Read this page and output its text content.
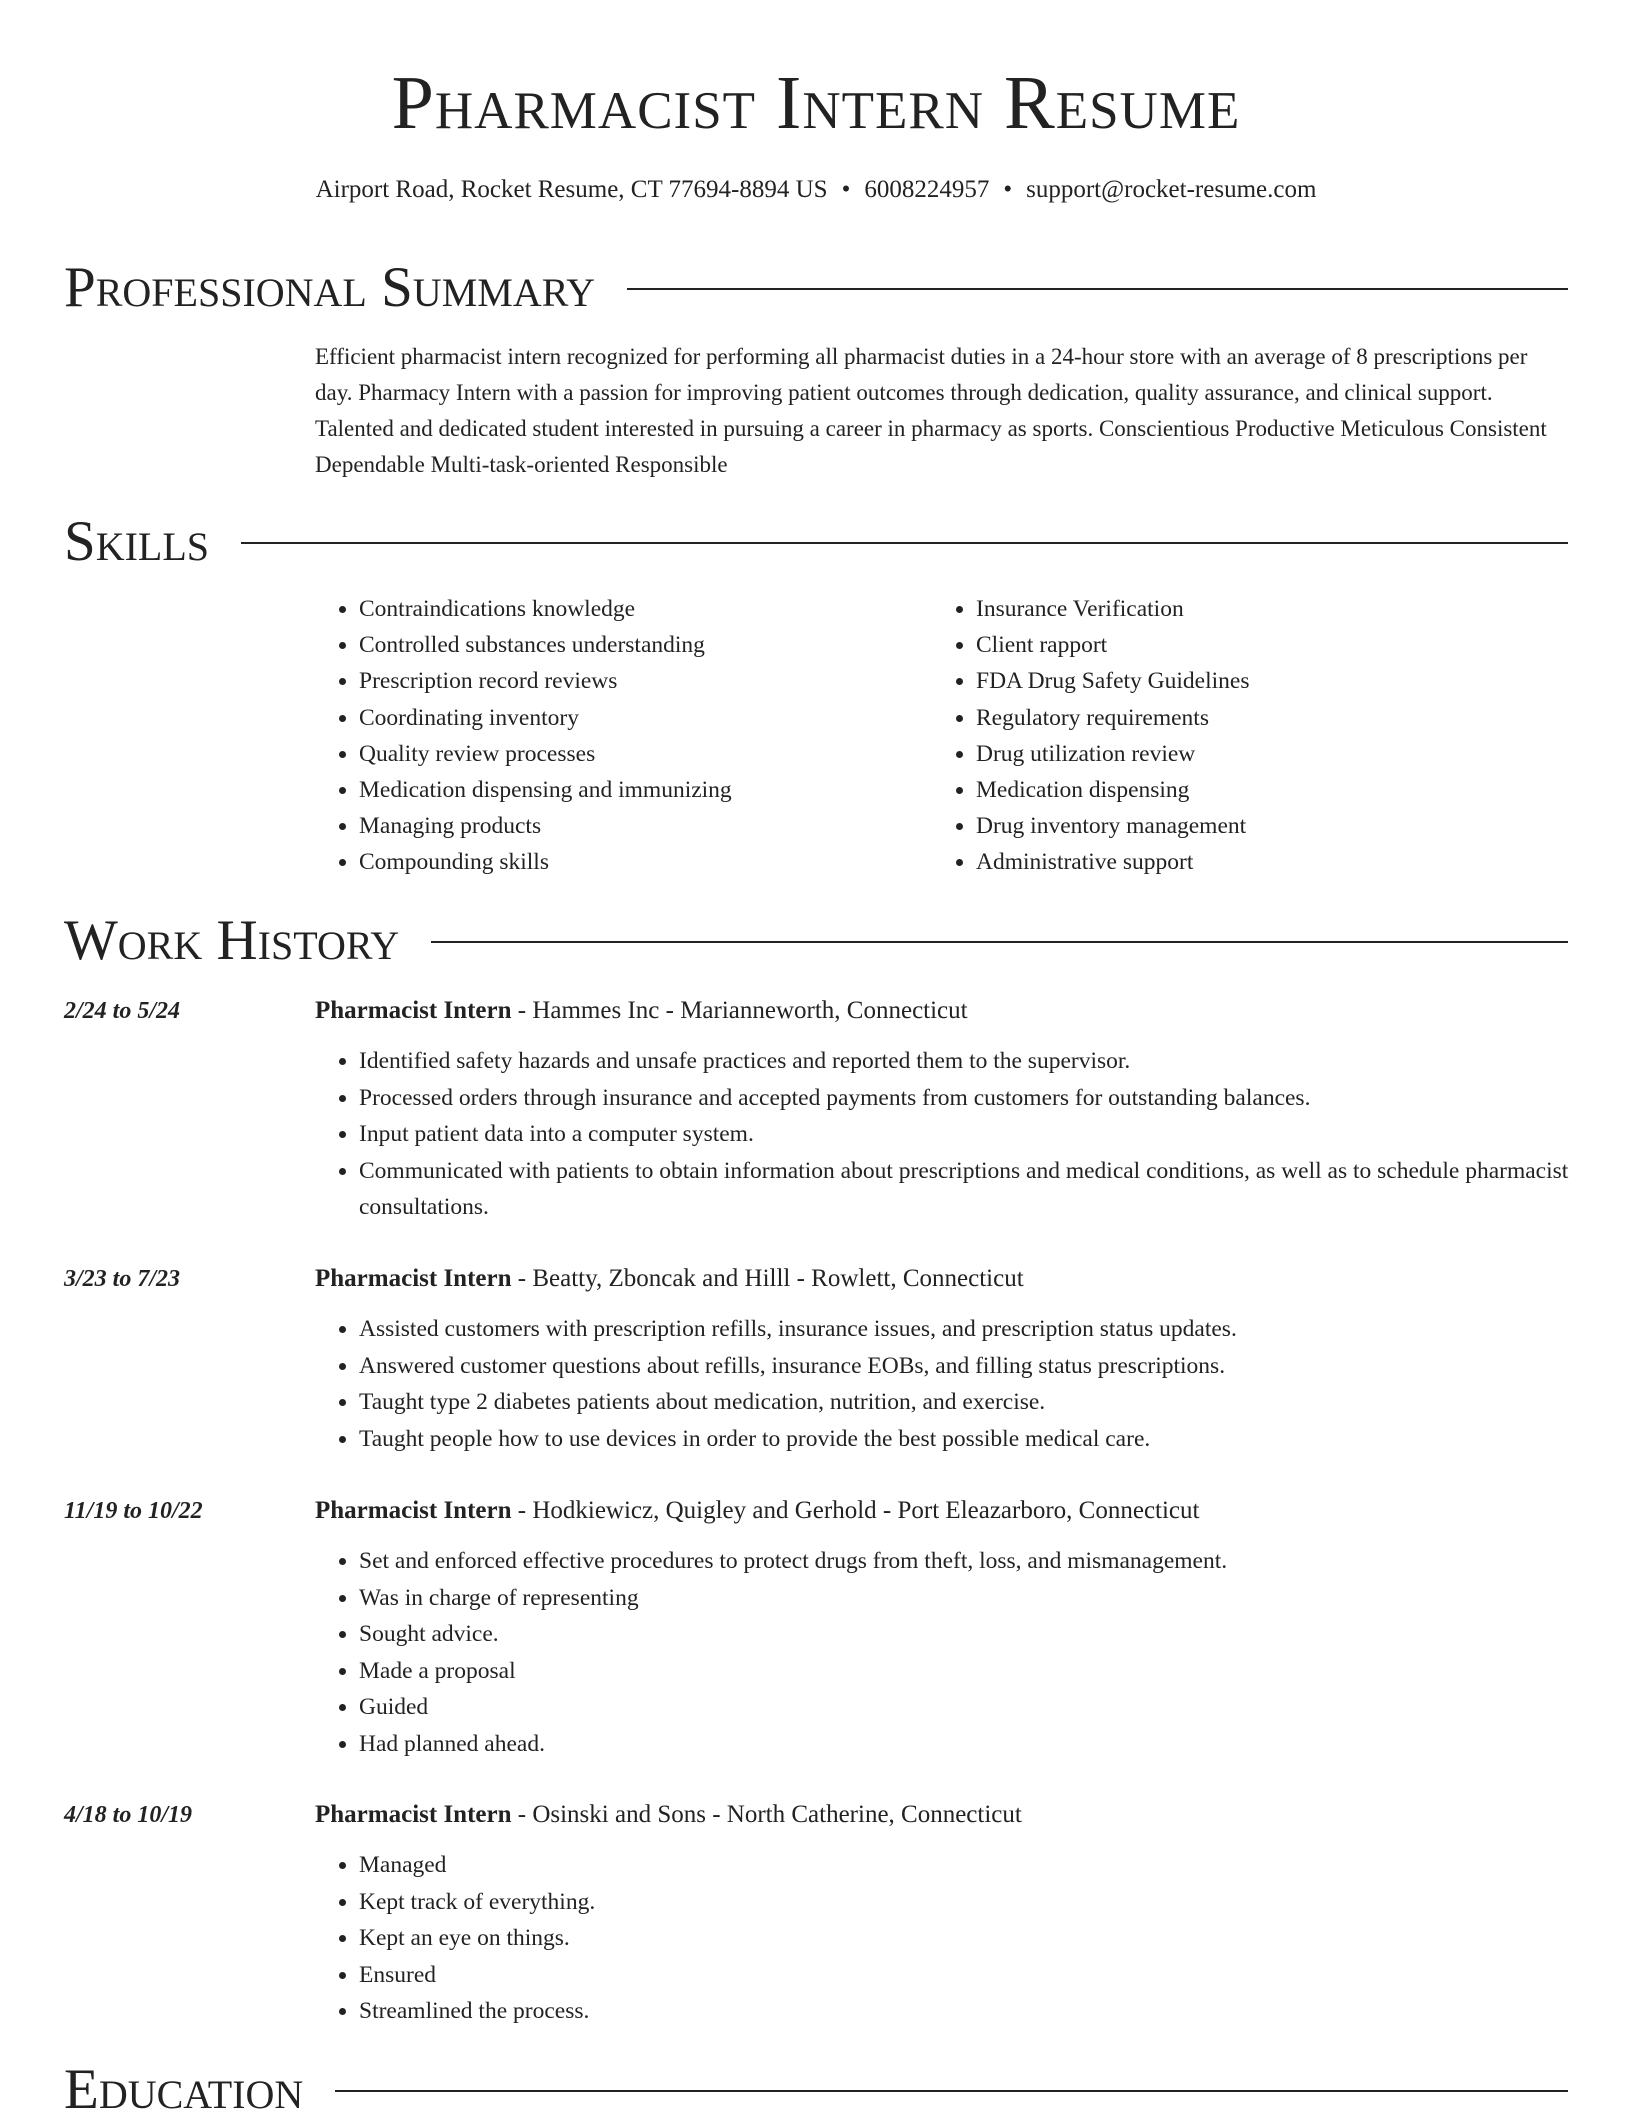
Pharmacist Intern Resume
Airport Road, Rocket Resume, CT 77694-8894 US • 6008224957 • support@rocket-resume.com
Professional Summary
Efficient pharmacist intern recognized for performing all pharmacist duties in a 24-hour store with an average of 8 prescriptions per day. Pharmacy Intern with a passion for improving patient outcomes through dedication, quality assurance, and clinical support. Talented and dedicated student interested in pursuing a career in pharmacy as sports. Conscientious Productive Meticulous Consistent Dependable Multi-task-oriented Responsible
Skills
• Contraindications knowledge
• Controlled substances understanding
• Prescription record reviews
• Coordinating inventory
• Quality review processes
• Medication dispensing and immunizing
• Managing products
• Compounding skills
• Insurance Verification
• Client rapport
• FDA Drug Safety Guidelines
• Regulatory requirements
• Drug utilization review
• Medication dispensing
• Drug inventory management
• Administrative support
Work History
2/24 to 5/24	Pharmacist Intern - Hammes Inc - Marianneworth, Connecticut
• Identified safety hazards and unsafe practices and reported them to the supervisor.
• Processed orders through insurance and accepted payments from customers for outstanding balances.
• Input patient data into a computer system.
• Communicated with patients to obtain information about prescriptions and medical conditions, as well as to schedule pharmacist consultations.
3/23 to 7/23	Pharmacist Intern - Beatty, Zboncak and Hilll - Rowlett, Connecticut
• Assisted customers with prescription refills, insurance issues, and prescription status updates.
• Answered customer questions about refills, insurance EOBs, and filling status prescriptions.
• Taught type 2 diabetes patients about medication, nutrition, and exercise.
• Taught people how to use devices in order to provide the best possible medical care.
11/19 to 10/22	Pharmacist Intern - Hodkiewicz, Quigley and Gerhold - Port Eleazarboro, Connecticut
• Set and enforced effective procedures to protect drugs from theft, loss, and mismanagement.
• Was in charge of representing
• Sought advice.
• Made a proposal
• Guided
• Had planned ahead.
4/18 to 10/19	Pharmacist Intern - Osinski and Sons - North Catherine, Connecticut
• Managed
• Kept track of everything.
• Kept an eye on things.
• Ensured
• Streamlined the process.
Education
